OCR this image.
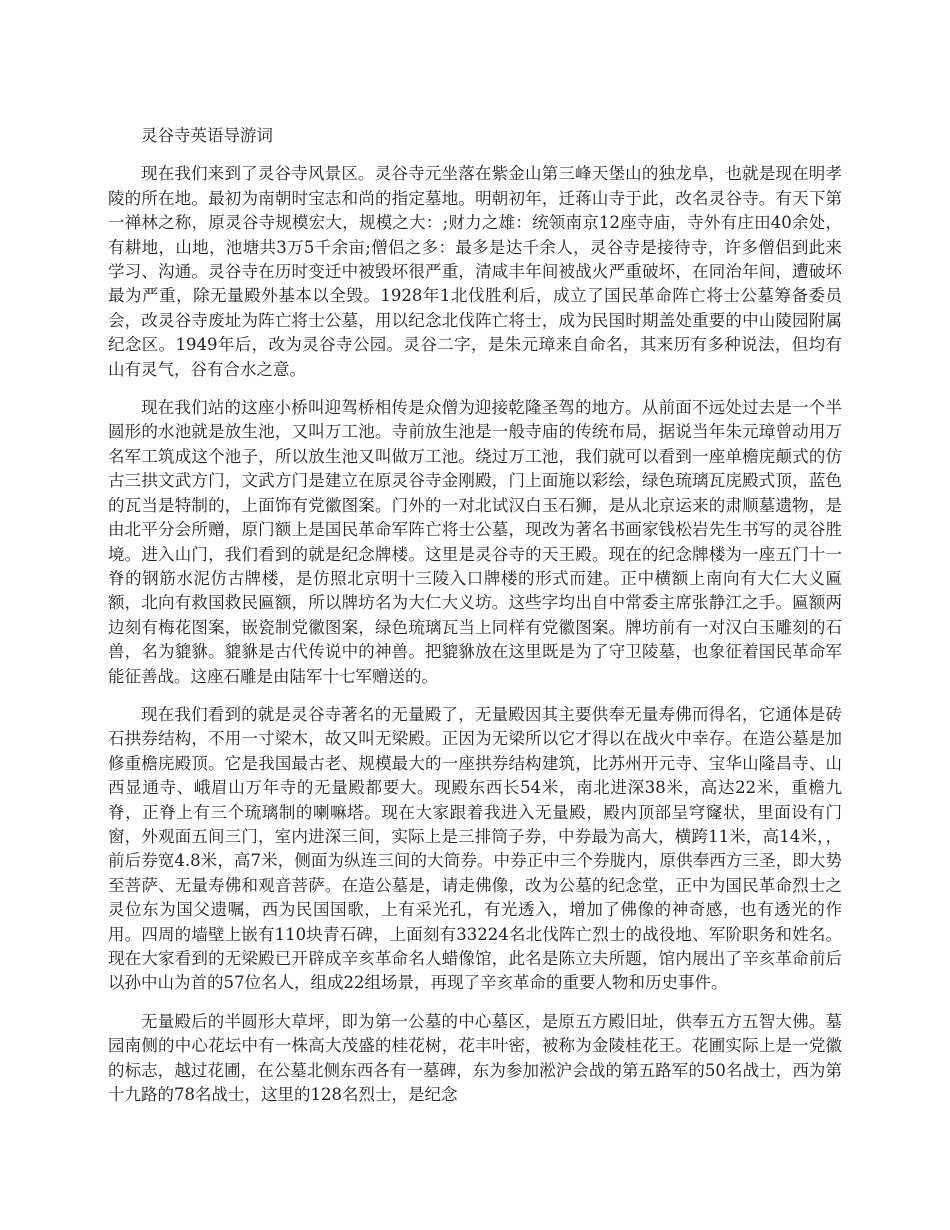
灵谷寺英语导游词

现在我们来到了灵谷寺风景区。灵谷寺元坐落在紫金山第三峰天堡山的独龙阜，也就是现在明孝陵的所在地。最初为南朝时宝志和尚的指定墓地。明朝初年，迁蒋山寺于此，改名灵谷寺。有天下第一禅林之称，原灵谷寺规模宏大，规模之大：;财力之雄：统领南京12座寺庙，寺外有庄田40余处，有耕地，山地，池塘共3万5千余亩;僧侣之多：最多是达千余人，灵谷寺是接待寺，许多僧侣到此来学习、沟通。灵谷寺在历时变迁中被毁坏很严重，清咸丰年间被战火严重破坏，在同治年间，遭破坏最为严重，除无量殿外基本以全毁。1928年1北伐胜利后，成立了国民革命阵亡将士公墓筹备委员会，改灵谷寺废址为阵亡将士公墓，用以纪念北伐阵亡将士，成为民国时期盖处重要的中山陵园附属纪念区。1949年后，改为灵谷寺公园。灵谷二字，是朱元璋来自命名，其来历有多种说法，但均有山有灵气，谷有合水之意。

现在我们站的这座小桥叫迎驾桥相传是众僧为迎接乾隆圣驾的地方。从前面不远处过去是一个半圆形的水池就是放生池，又叫万工池。寺前放生池是一般寺庙的传统布局，据说当年朱元璋曾动用万名军工筑成这个池子，所以放生池又叫做万工池。绕过万工池，我们就可以看到一座单檐庑颠式的仿古三拱文武方门，文武方门是建立在原灵谷寺金刚殿，门上面施以彩绘，绿色琉璃瓦庑殿式顶，蓝色的瓦当是特制的，上面饰有党徽图案。门外的一对北试汉白玉石狮，是从北京运来的肃顺墓遗物，是由北平分会所赠，原门额上是国民革命军阵亡将士公墓，现改为著名书画家钱松岩先生书写的灵谷胜境。进入山门，我们看到的就是纪念牌楼。这里是灵谷寺的天王殿。现在的纪念牌楼为一座五门十一脊的钢筋水泥仿古牌楼，是仿照北京明十三陵入口牌楼的形式而建。正中横额上南向有大仁大义匾额，北向有救国救民匾额，所以牌坊名为大仁大义坊。这些字均出自中常委主席张静江之手。匾额两边刻有梅花图案，嵌瓷制党徽图案，绿色琉璃瓦当上同样有党徽图案。牌坊前有一对汉白玉雕刻的石兽，名为貔貅。貔貅是古代传说中的神兽。把貔貅放在这里既是为了守卫陵墓，也象征着国民革命军能征善战。这座石雕是由陆军十七军赠送的。

现在我们看到的就是灵谷寺著名的无量殿了，无量殿因其主要供奉无量寿佛而得名，它通体是砖石拱券结构，不用一寸梁木，故又叫无梁殿。正因为无梁所以它才得以在战火中幸存。在造公墓是加修重檐庑殿顶。它是我国最古老、规模最大的一座拱券结构建筑，比苏州开元寺、宝华山隆昌寺、山西显通寺、峨眉山万年寺的无量殿都要大。现殿东西长54米，南北进深38米，高达22米，重檐九脊，正脊上有三个琉璃制的喇嘛塔。现在大家跟着我进入无量殿，殿内顶部呈穹窿状，里面设有门窗，外观面五间三门，室内进深三间，实际上是三排筒子券，中券最为高大，横跨11米，高14米，，前后券宽4.8米，高7米，侧面为纵连三间的大筒券。中券正中三个券胧内，原供奉西方三圣，即大势至菩萨、无量寿佛和观音菩萨。在造公墓是，请走佛像，改为公墓的纪念堂，正中为国民革命烈士之灵位东为国父遗嘱，西为民国国歌，上有采光孔，有光透入，增加了佛像的神奇感，也有透光的作用。四周的墙壁上嵌有110块青石碑，上面刻有33224名北伐阵亡烈士的战役地、军阶职务和姓名。现在大家看到的无梁殿已开辟成辛亥革命名人蜡像馆，此名是陈立夫所题，馆内展出了辛亥革命前后以孙中山为首的57位名人，组成22组场景，再现了辛亥革命的重要人物和历史事件。

无量殿后的半圆形大草坪，即为第一公墓的中心墓区，是原五方殿旧址，供奉五方五智大佛。墓园南侧的中心花坛中有一株高大茂盛的桂花树，花丰叶密，被称为金陵桂花王。花圃实际上是一党徽的标志，越过花圃，在公墓北侧东西各有一墓碑，东为参加淞沪会战的第五路军的50名战士，西为第十九路的78名战士，这里的128名烈士，是纪念
